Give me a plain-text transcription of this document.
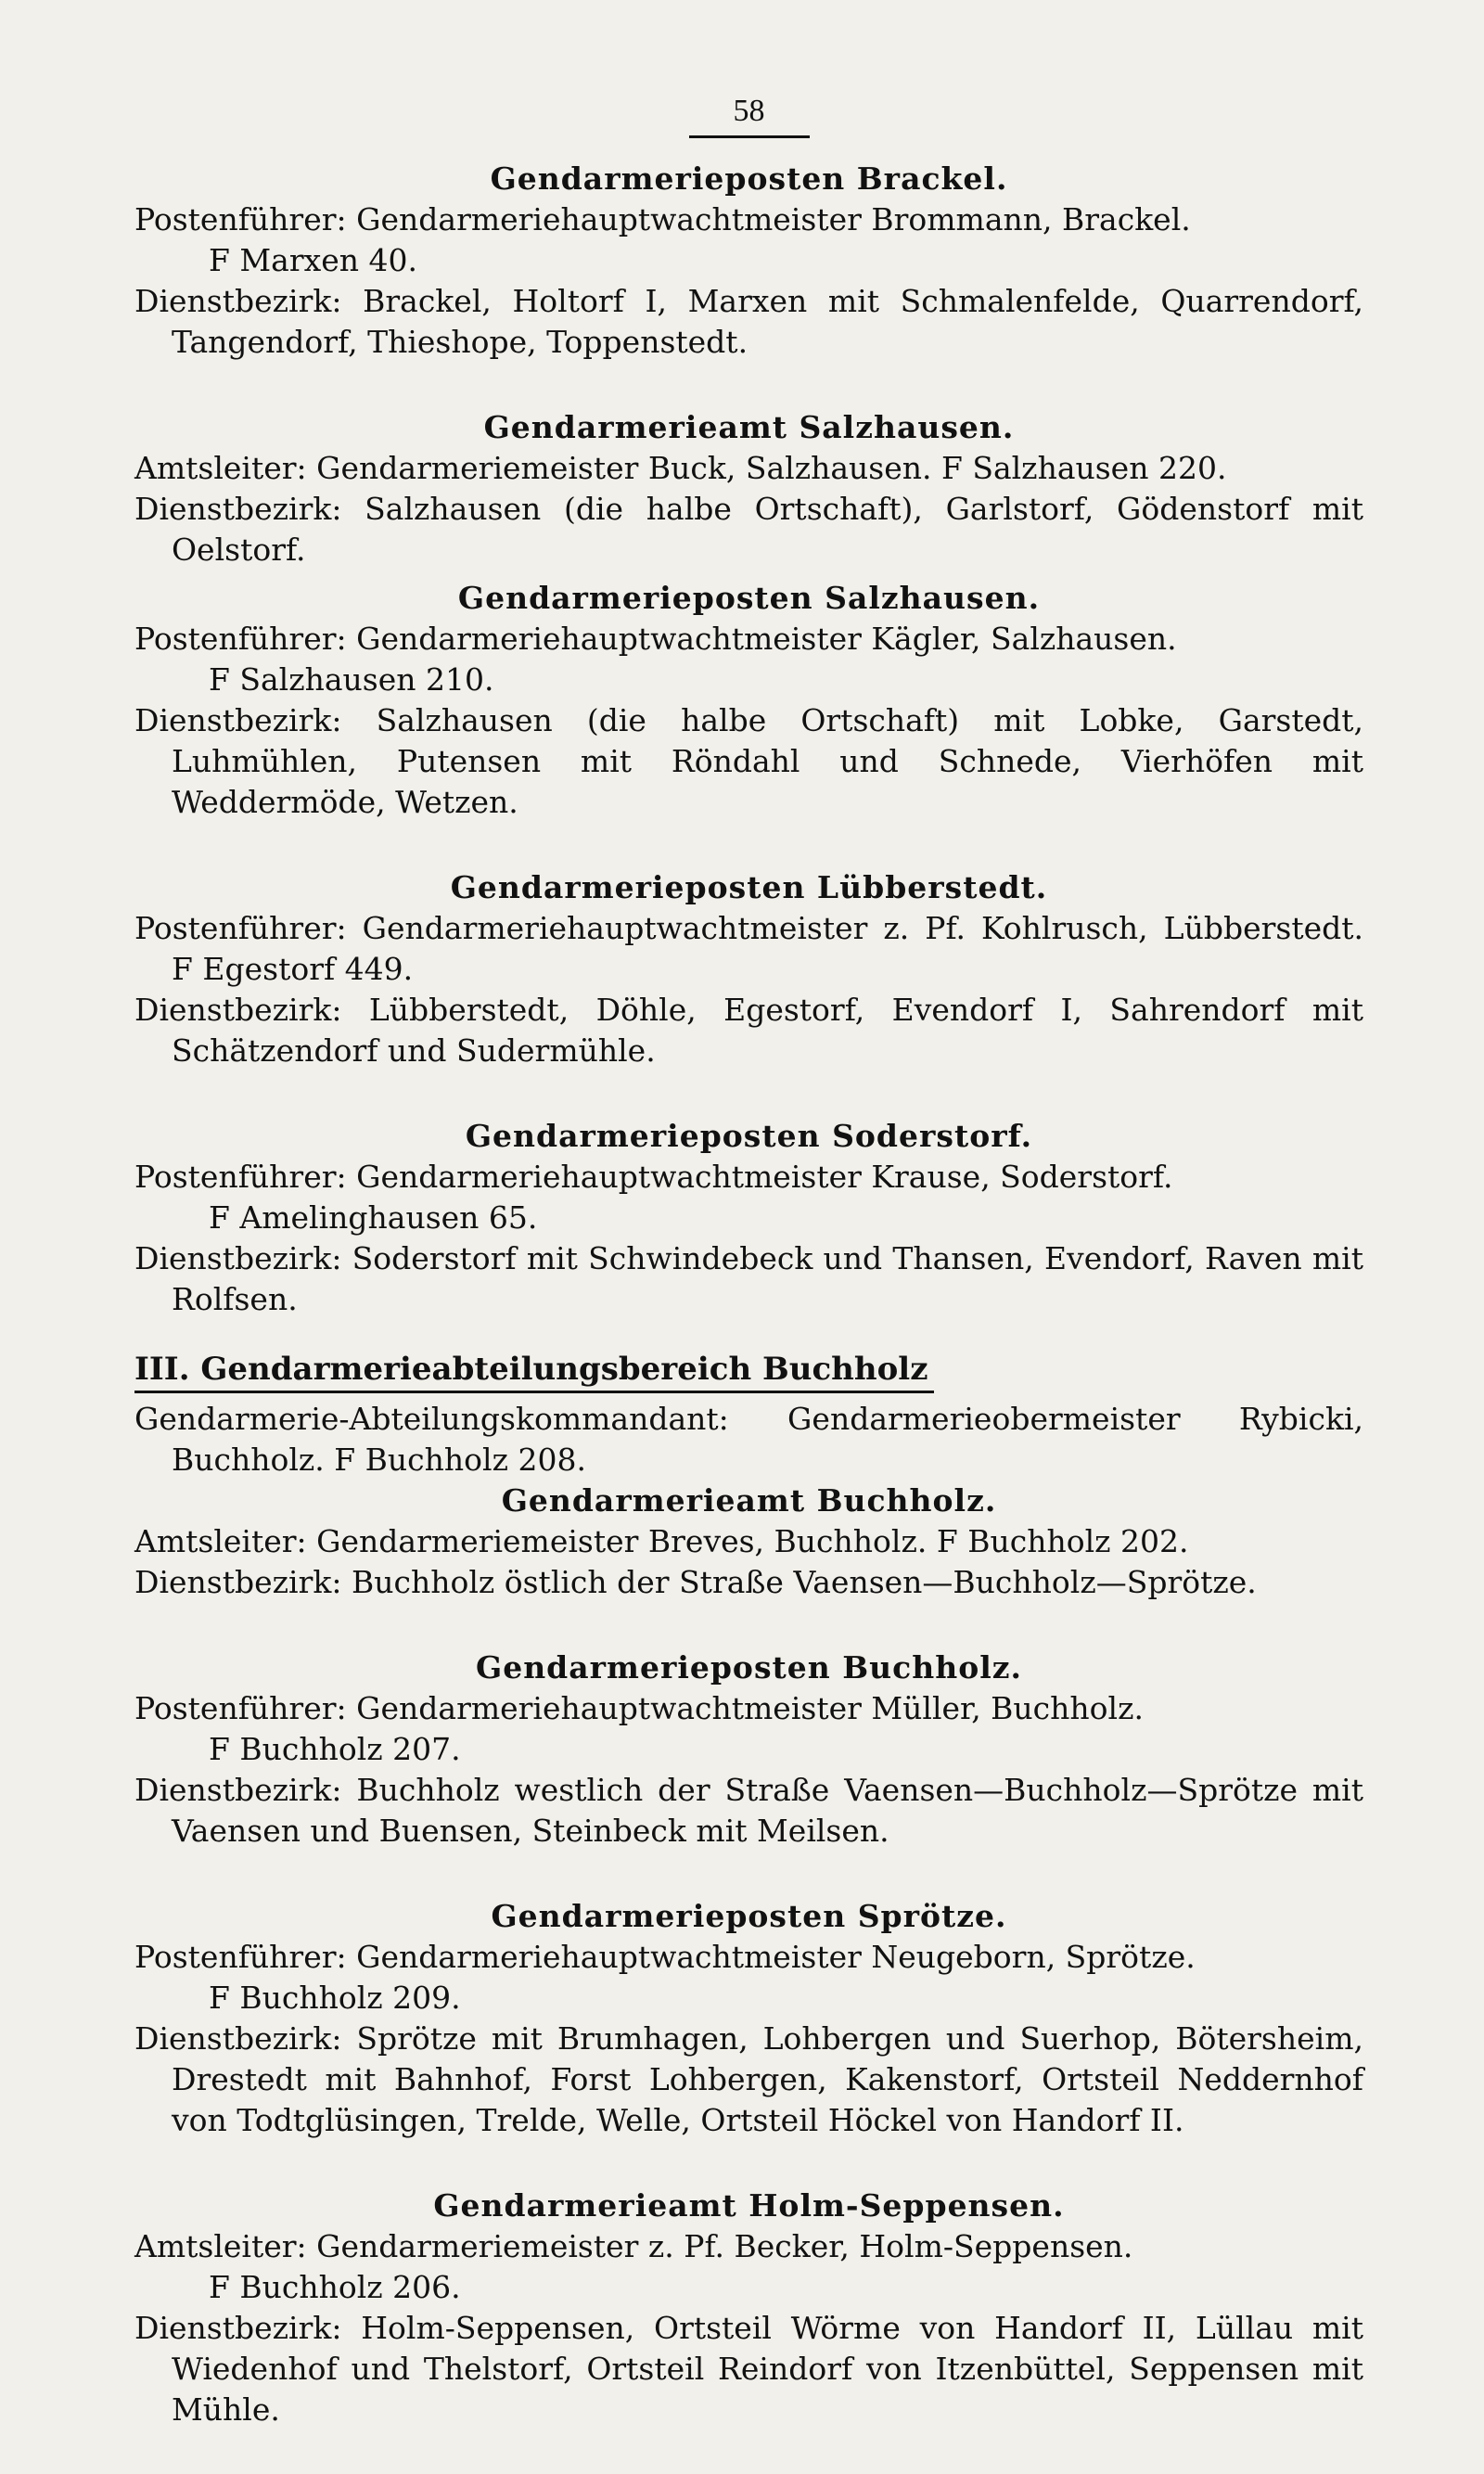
58

Gendarmerieposten Brackel.

Postenführer: Gendarmeriehauptwachtmeister Brommann, Brackel.

F Marxen 40.

Dienstbezirk: Brackel, Holtorf I, Marxen mit Schmalenfelde, Quarrendorf, Tangendorf, Thieshope, Toppenstedt.

Gendarmerieamt Salzhausen.

Amtsleiter: Gendarmeriemeister Buck, Salzhausen. F Salzhausen 220.

Dienstbezirk: Salzhausen (die halbe Ortschaft), Garlstorf, Gödenstorf mit Oelstorf.

Gendarmerieposten Salzhausen.

Postenführer: Gendarmeriehauptwachtmeister Kägler, Salzhausen.

F Salzhausen 210.

Dienstbezirk: Salzhausen (die halbe Ortschaft) mit Lobke, Garstedt, Luhmühlen, Putensen mit Röndahl und Schnede, Vierhöfen mit Weddermöde, Wetzen.

Gendarmerieposten Lübberstedt.

Postenführer: Gendarmeriehauptwachtmeister z. Pf. Kohlrusch, Lübberstedt. F Egestorf 449.

Dienstbezirk: Lübberstedt, Döhle, Egestorf, Evendorf I, Sahrendorf mit Schätzendorf und Sudermühle.

Gendarmerieposten Soderstorf.

Postenführer: Gendarmeriehauptwachtmeister Krause, Soderstorf.

F Amelinghausen 65.

Dienstbezirk: Soderstorf mit Schwindebeck und Thansen, Evendorf, Raven mit Rolfsen.

III. Gendarmerieabteilungsbereich Buchholz

Gendarmerie-Abteilungskommandant: Gendarmerieobermeister Rybicki, Buchholz. F Buchholz 208.

Gendarmerieamt Buchholz.

Amtsleiter: Gendarmeriemeister Breves, Buchholz. F Buchholz 202.

Dienstbezirk: Buchholz östlich der Straße Vaensen—Buchholz—Sprötze.

Gendarmerieposten Buchholz.

Postenführer: Gendarmeriehauptwachtmeister Müller, Buchholz.

F Buchholz 207.

Dienstbezirk: Buchholz westlich der Straße Vaensen—Buchholz—Sprötze mit Vaensen und Buensen, Steinbeck mit Meilsen.

Gendarmerieposten Sprötze.

Postenführer: Gendarmeriehauptwachtmeister Neugeborn, Sprötze.

F Buchholz 209.

Dienstbezirk: Sprötze mit Brumhagen, Lohbergen und Suerhop, Bötersheim, Drestedt mit Bahnhof, Forst Lohbergen, Kakenstorf, Ortsteil Neddernhof von Todtglüsingen, Trelde, Welle, Ortsteil Höckel von Handorf II.

Gendarmerieamt Holm-Seppensen.

Amtsleiter: Gendarmeriemeister z. Pf. Becker, Holm-Seppensen.

F Buchholz 206.

Dienstbezirk: Holm-Seppensen, Ortsteil Wörme von Handorf II, Lüllau mit Wiedenhof und Thelstorf, Ortsteil Reindorf von Itzenbüttel, Seppensen mit Mühle.
